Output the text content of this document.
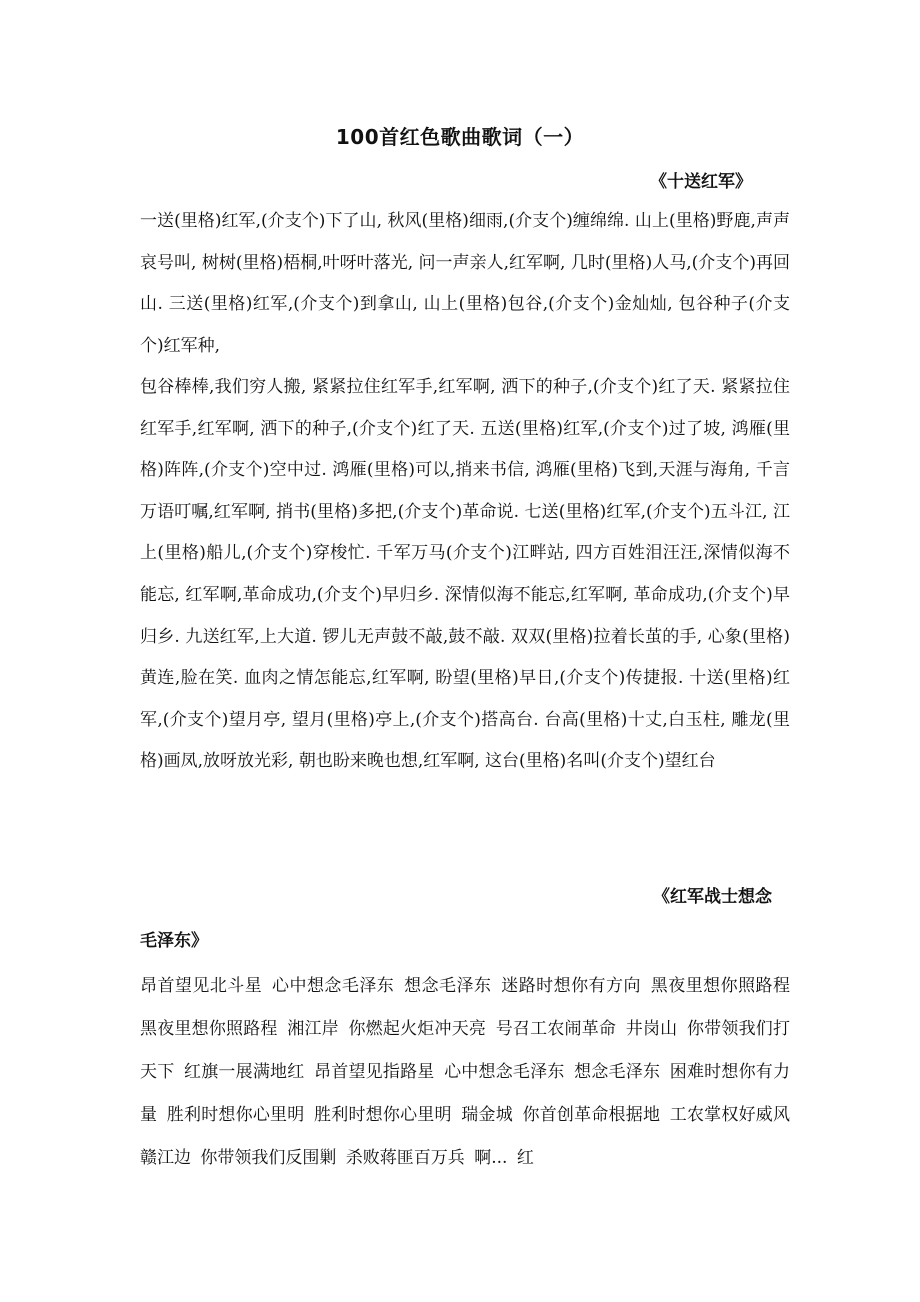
100首红色歌曲歌词（一）
《十送红军》

一送(里格)红军,(介支个)下了山, 秋风(里格)细雨,(介支个)缠绵绵. 山上(里格)野鹿,声声哀号叫, 树树(里格)梧桐,叶呀叶落光, 问一声亲人,红军啊, 几时(里格)人马,(介支个)再回山. 三送(里格)红军,(介支个)到拿山, 山上(里格)包谷,(介支个)金灿灿, 包谷种子(介支个)红军种,

包谷棒棒,我们穷人搬, 紧紧拉住红军手,红军啊, 洒下的种子,(介支个)红了天. 紧紧拉住红军手,红军啊, 洒下的种子,(介支个)红了天. 五送(里格)红军,(介支个)过了坡, 鸿雁(里格)阵阵,(介支个)空中过. 鸿雁(里格)可以,捎来书信, 鸿雁(里格)飞到,天涯与海角, 千言万语叮嘱,红军啊, 捎书(里格)多把,(介支个)革命说. 七送(里格)红军,(介支个)五斗江, 江上(里格)船儿,(介支个)穿梭忙. 千军万马(介支个)江畔站, 四方百姓泪汪汪,深情似海不能忘, 红军啊,革命成功,(介支个)早归乡. 深情似海不能忘,红军啊, 革命成功,(介支个)早归乡. 九送红军,上大道. 锣儿无声鼓不敲,鼓不敲. 双双(里格)拉着长茧的手, 心象(里格)黄连,脸在笑. 血肉之情怎能忘,红军啊, 盼望(里格)早日,(介支个)传捷报. 十送(里格)红军,(介支个)望月亭, 望月(里格)亭上,(介支个)搭高台. 台高(里格)十丈,白玉柱, 雕龙(里格)画凤,放呀放光彩, 朝也盼来晚也想,红军啊, 这台(里格)名叫(介支个)望红台

《红军战士想念
毛泽东》

昂首望见北斗星 心中想念毛泽东 想念毛泽东 迷路时想你有方向 黑夜里想你照路程 黑夜里想你照路程 湘江岸 你燃起火炬冲天亮 号召工农闹革命 井岗山 你带领我们打天下 红旗一展满地红 昂首望见指路星 心中想念毛泽东 想念毛泽东 困难时想你有力量 胜利时想你心里明 胜利时想你心里明 瑞金城 你首创革命根据地 工农掌权好威风 赣江边 你带领我们反围剿 杀败蒋匪百万兵 啊... 红
